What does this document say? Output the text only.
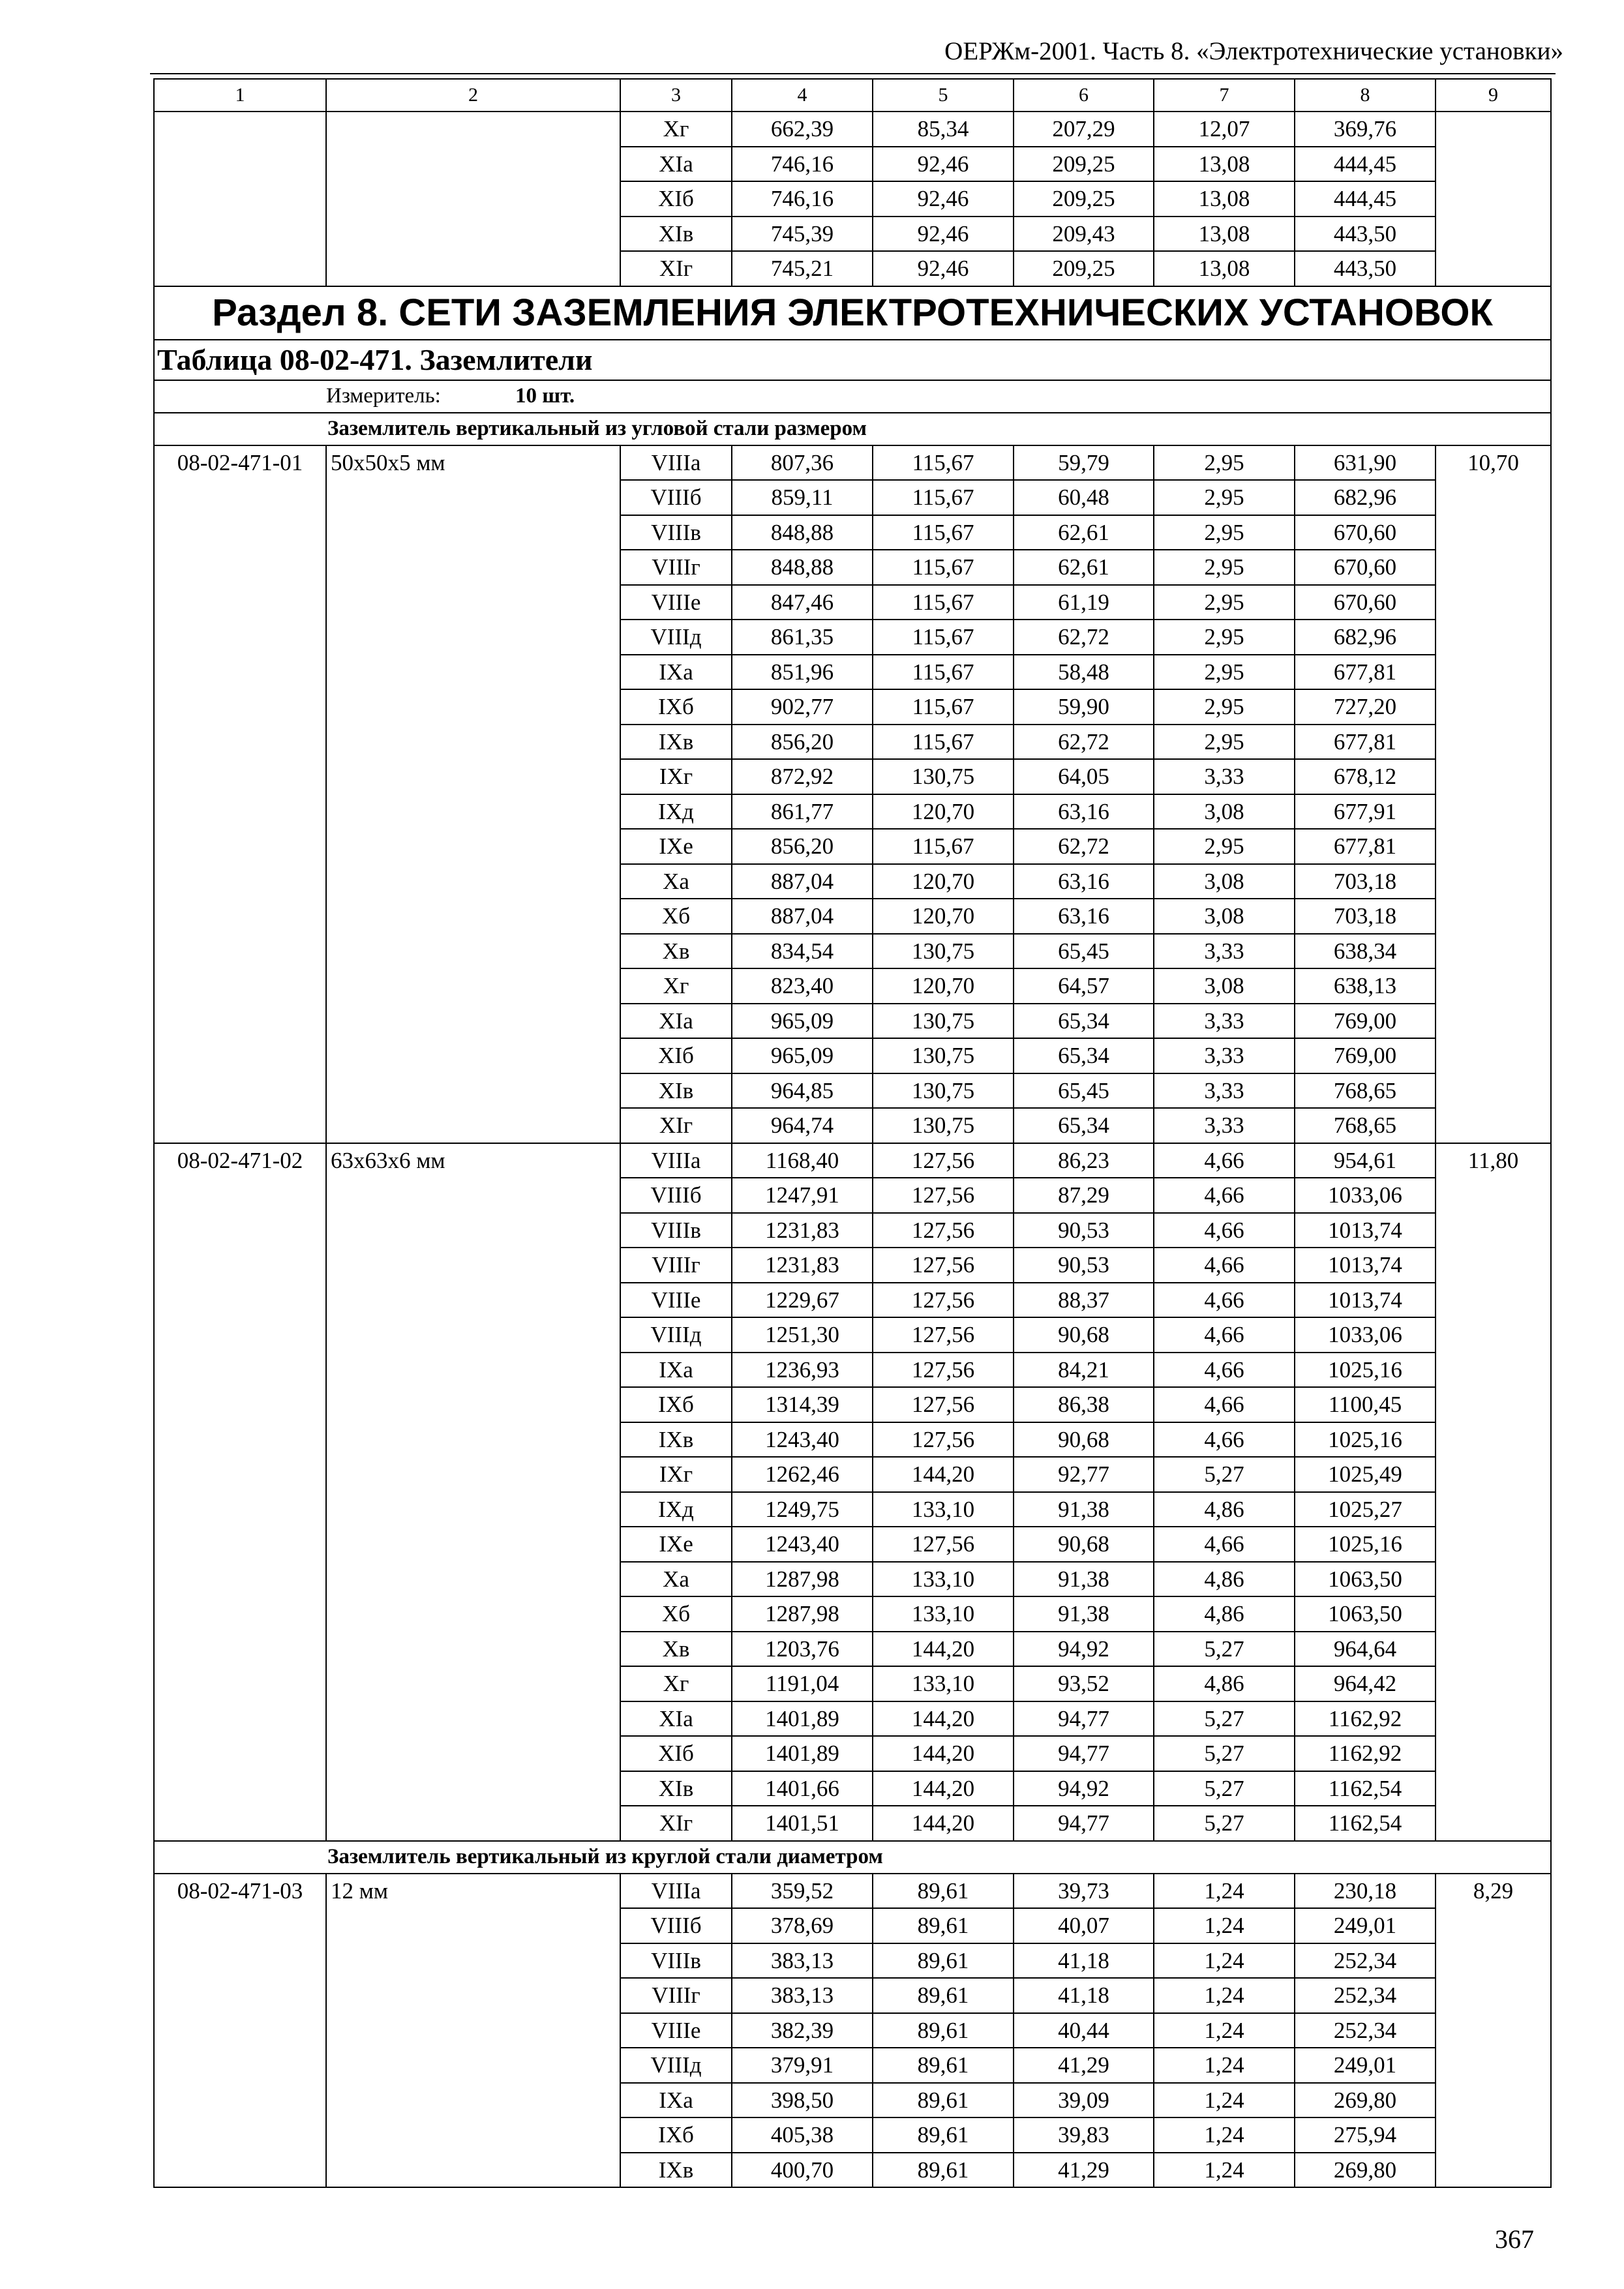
ОЕРЖм-2001. Часть 8. «Электротехнические установки»
1	2	3	4	5	6	7	8	9
		Xг	662,39	85,34	207,29	12,07	369,76	
		XIа	746,16	92,46	209,25	13,08	444,45	
		XIб	746,16	92,46	209,25	13,08	444,45	
		XIв	745,39	92,46	209,43	13,08	443,50	
		XIг	745,21	92,46	209,25	13,08	443,50	
Раздел 8. СЕТИ ЗАЗЕМЛЕНИЯ ЭЛЕКТРОТЕХНИЧЕСКИХ УСТАНОВОК								
Таблица 08-02-471. Заземлители								
Измеритель: 10 шт.								
Заземлитель вертикальный из угловой стали размером								
08-02-471-01	50x50x5 мм	VIIIа	807,36	115,67	59,79	2,95	631,90	10,70
		VIIIб	859,11	115,67	60,48	2,95	682,96	
		VIIIв	848,88	115,67	62,61	2,95	670,60	
		VIIIг	848,88	115,67	62,61	2,95	670,60	
		VIIIе	847,46	115,67	61,19	2,95	670,60	
		VIIIд	861,35	115,67	62,72	2,95	682,96	
		IXа	851,96	115,67	58,48	2,95	677,81	
		IXб	902,77	115,67	59,90	2,95	727,20	
		IXв	856,20	115,67	62,72	2,95	677,81	
		IXг	872,92	130,75	64,05	3,33	678,12	
		IXд	861,77	120,70	63,16	3,08	677,91	
		IXе	856,20	115,67	62,72	2,95	677,81	
		Xа	887,04	120,70	63,16	3,08	703,18	
		Xб	887,04	120,70	63,16	3,08	703,18	
		Xв	834,54	130,75	65,45	3,33	638,34	
		Xг	823,40	120,70	64,57	3,08	638,13	
		XIа	965,09	130,75	65,34	3,33	769,00	
		XIб	965,09	130,75	65,34	3,33	769,00	
		XIв	964,85	130,75	65,45	3,33	768,65	
		XIг	964,74	130,75	65,34	3,33	768,65	
08-02-471-02	63x63x6 мм	VIIIа	1168,40	127,56	86,23	4,66	954,61	11,80
		VIIIб	1247,91	127,56	87,29	4,66	1033,06	
		VIIIв	1231,83	127,56	90,53	4,66	1013,74	
		VIIIг	1231,83	127,56	90,53	4,66	1013,74	
		VIIIе	1229,67	127,56	88,37	4,66	1013,74	
		VIIIд	1251,30	127,56	90,68	4,66	1033,06	
		IXа	1236,93	127,56	84,21	4,66	1025,16	
		IXб	1314,39	127,56	86,38	4,66	1100,45	
		IXв	1243,40	127,56	90,68	4,66	1025,16	
		IXг	1262,46	144,20	92,77	5,27	1025,49	
		IXд	1249,75	133,10	91,38	4,86	1025,27	
		IXе	1243,40	127,56	90,68	4,66	1025,16	
		Xа	1287,98	133,10	91,38	4,86	1063,50	
		Xб	1287,98	133,10	91,38	4,86	1063,50	
		Xв	1203,76	144,20	94,92	5,27	964,64	
		Xг	1191,04	133,10	93,52	4,86	964,42	
		XIа	1401,89	144,20	94,77	5,27	1162,92	
		XIб	1401,89	144,20	94,77	5,27	1162,92	
		XIв	1401,66	144,20	94,92	5,27	1162,54	
		XIг	1401,51	144,20	94,77	5,27	1162,54	
Заземлитель вертикальный из круглой стали диаметром								
08-02-471-03	12 мм	VIIIа	359,52	89,61	39,73	1,24	230,18	8,29
		VIIIб	378,69	89,61	40,07	1,24	249,01	
		VIIIв	383,13	89,61	41,18	1,24	252,34	
		VIIIг	383,13	89,61	41,18	1,24	252,34	
		VIIIе	382,39	89,61	40,44	1,24	252,34	
		VIIIд	379,91	89,61	41,29	1,24	249,01	
		IXа	398,50	89,61	39,09	1,24	269,80	
		IXб	405,38	89,61	39,83	1,24	275,94	
		IXв	400,70	89,61	41,29	1,24	269,80	
367
